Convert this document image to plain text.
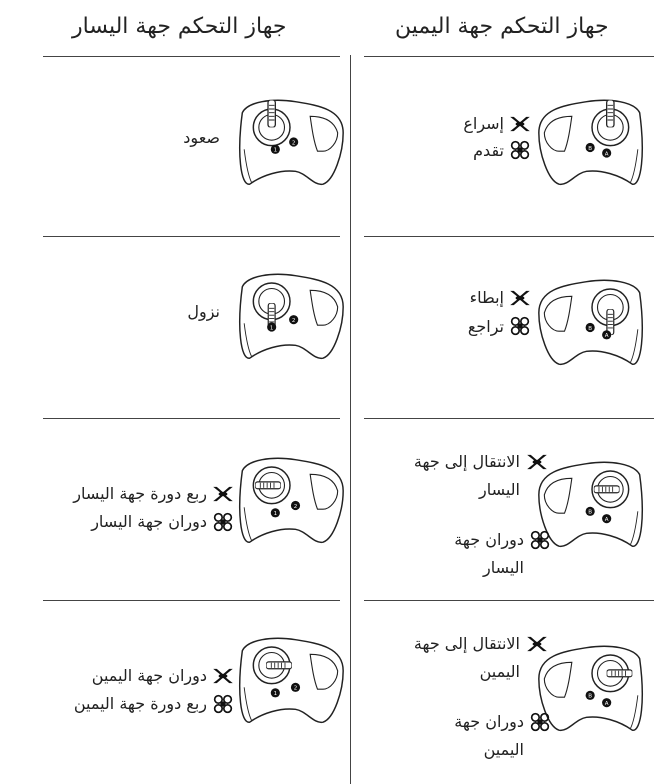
جهاز التحكم جهة اليسار	جهاز التحكم جهة اليمين
1
2
صعود
B
A
إسراع
تقدم
1
2
نزول
B
A
إبطاء
تراجع
1
2
ربع دورة جهة اليسار
دوران جهة اليسار	B
A
الانتقال إلى جهة
اليسار
دوران جهة
اليسار
1
2
دوران جهة اليمين
ربع دورة جهة اليمين	B
A
الانتقال إلى جهة
اليمين
دوران جهة
اليمين
